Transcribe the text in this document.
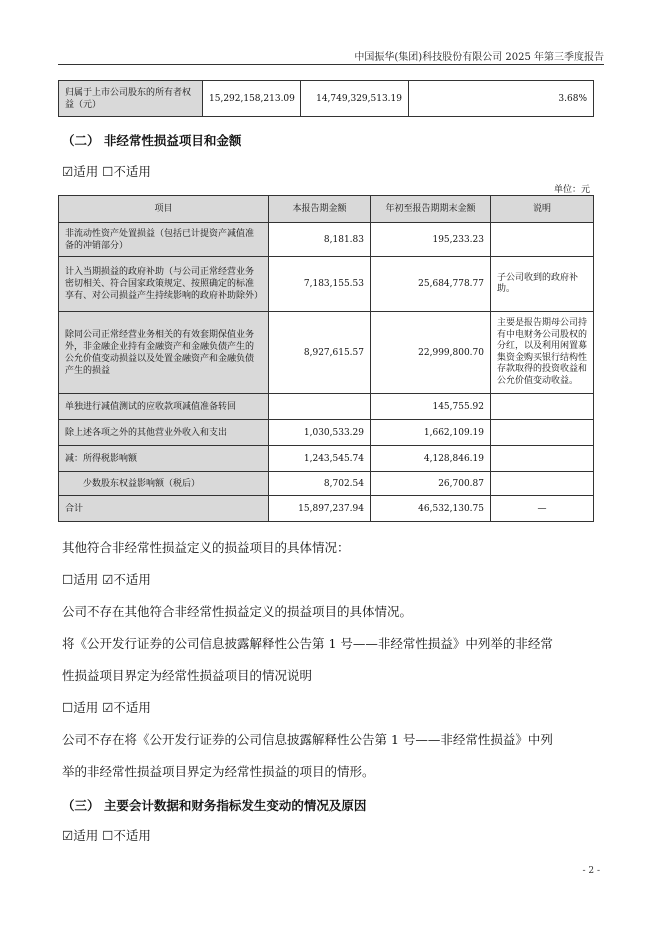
中国振华(集团)科技股份有限公司 2025 年第三季度报告
归属于上市公司股东的所有者权益（元）	15,292,158,213.09	14,749,329,513.19	3.68%
（二） 非经常性损益项目和金额
☑适用 ☐不适用
单位：元
项目	本报告期金额	年初至报告期期末金额	说明
非流动性资产处置损益（包括已计提资产减值准备的冲销部分）	8,181.83	195,233.23	
计入当期损益的政府补助（与公司正常经营业务密切相关、符合国家政策规定、按照确定的标准享有、对公司损益产生持续影响的政府补助除外）	7,183,155.53	25,684,778.77	子公司收到的政府补助。
除同公司正常经营业务相关的有效套期保值业务外，非金融企业持有金融资产和金融负债产生的公允价值变动损益以及处置金融资产和金融负债产生的损益	8,927,615.57	22,999,800.70	主要是报告期母公司持有中电财务公司股权的分红，以及利用闲置募集资金购买银行结构性存款取得的投资收益和公允价值变动收益。
单独进行减值测试的应收款项减值准备转回		145,755.92	
除上述各项之外的其他营业外收入和支出	1,030,533.29	1,662,109.19	
减：所得税影响额	1,243,545.74	4,128,846.19	
少数股东权益影响额（税后）	8,702.54	26,700.87	
合计	15,897,237.94	46,532,130.75	—
其他符合非经常性损益定义的损益项目的具体情况：
☐适用 ☑不适用
公司不存在其他符合非经常性损益定义的损益项目的具体情况。
将《公开发行证券的公司信息披露解释性公告第 1 号——非经常性损益》中列举的非经常
性损益项目界定为经常性损益项目的情况说明
☐适用 ☑不适用
公司不存在将《公开发行证券的公司信息披露解释性公告第 1 号——非经常性损益》中列
举的非经常性损益项目界定为经常性损益的项目的情形。
（三） 主要会计数据和财务指标发生变动的情况及原因
☑适用 ☐不适用
- 2 -
